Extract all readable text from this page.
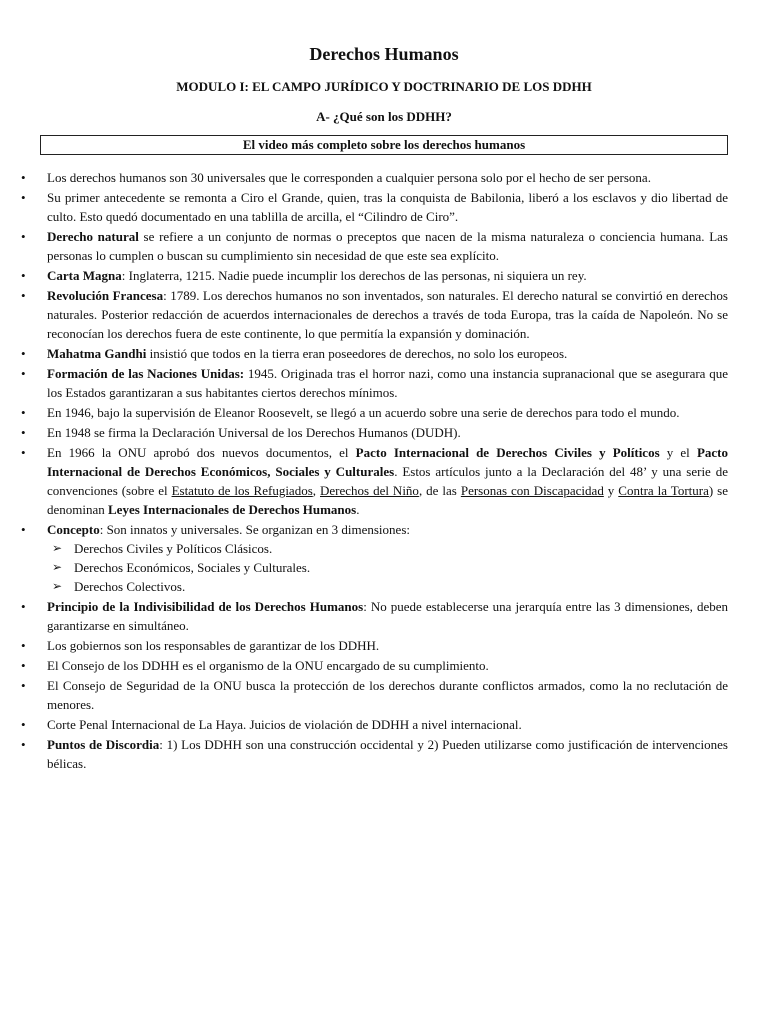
Derechos Humanos
MODULO I: EL CAMPO JURÍDICO Y DOCTRINARIO DE LOS DDHH
A- ¿Qué son los DDHH?
El video más completo sobre los derechos humanos
• Los derechos humanos son 30 universales que le corresponden a cualquier persona solo por el hecho de ser persona.
• Su primer antecedente se remonta a Ciro el Grande, quien, tras la conquista de Babilonia, liberó a los esclavos y dio libertad de culto. Esto quedó documentado en una tablilla de arcilla, el “Cilindro de Ciro”.
• Derecho natural se refiere a un conjunto de normas o preceptos que nacen de la misma naturaleza o conciencia humana. Las personas lo cumplen o buscan su cumplimiento sin necesidad de que este sea explícito.
• Carta Magna: Inglaterra, 1215. Nadie puede incumplir los derechos de las personas, ni siquiera un rey.
• Revolución Francesa: 1789. Los derechos humanos no son inventados, son naturales. El derecho natural se convirtió en derechos naturales. Posterior redacción de acuerdos internacionales de derechos a través de toda Europa, tras la caída de Napoleón. No se reconocían los derechos fuera de este continente, lo que permitía la expansión y dominación.
• Mahatma Gandhi insistió que todos en la tierra eran poseedores de derechos, no solo los europeos.
• Formación de las Naciones Unidas: 1945. Originada tras el horror nazi, como una instancia supranacional que se asegurara que los Estados garantizaran a sus habitantes ciertos derechos mínimos.
• En 1946, bajo la supervisión de Eleanor Roosevelt, se llegó a un acuerdo sobre una serie de derechos para todo el mundo.
• En 1948 se firma la Declaración Universal de los Derechos Humanos (DUDH).
• En 1966 la ONU aprobó dos nuevos documentos, el Pacto Internacional de Derechos Civiles y Políticos y el Pacto Internacional de Derechos Económicos, Sociales y Culturales. Estos artículos junto a la Declaración del 48’ y una serie de convenciones (sobre el Estatuto de los Refugiados, Derechos del Niño, de las Personas con Discapacidad y Contra la Tortura) se denominan Leyes Internacionales de Derechos Humanos.
• Concepto: Son innatos y universales. Se organizan en 3 dimensiones:
➢ Derechos Civiles y Políticos Clásicos.
➢ Derechos Económicos, Sociales y Culturales.
➢ Derechos Colectivos.
• Principio de la Indivisibilidad de los Derechos Humanos: No puede establecerse una jerarquía entre las 3 dimensiones, deben garantizarse en simultáneo.
• Los gobiernos son los responsables de garantizar de los DDHH.
• El Consejo de los DDHH es el organismo de la ONU encargado de su cumplimiento.
• El Consejo de Seguridad de la ONU busca la protección de los derechos durante conflictos armados, como la no reclutación de menores.
• Corte Penal Internacional de La Haya. Juicios de violación de DDHH a nivel internacional.
• Puntos de Discordia: 1) Los DDHH son una construcción occidental y 2) Pueden utilizarse como justificación de intervenciones bélicas.
